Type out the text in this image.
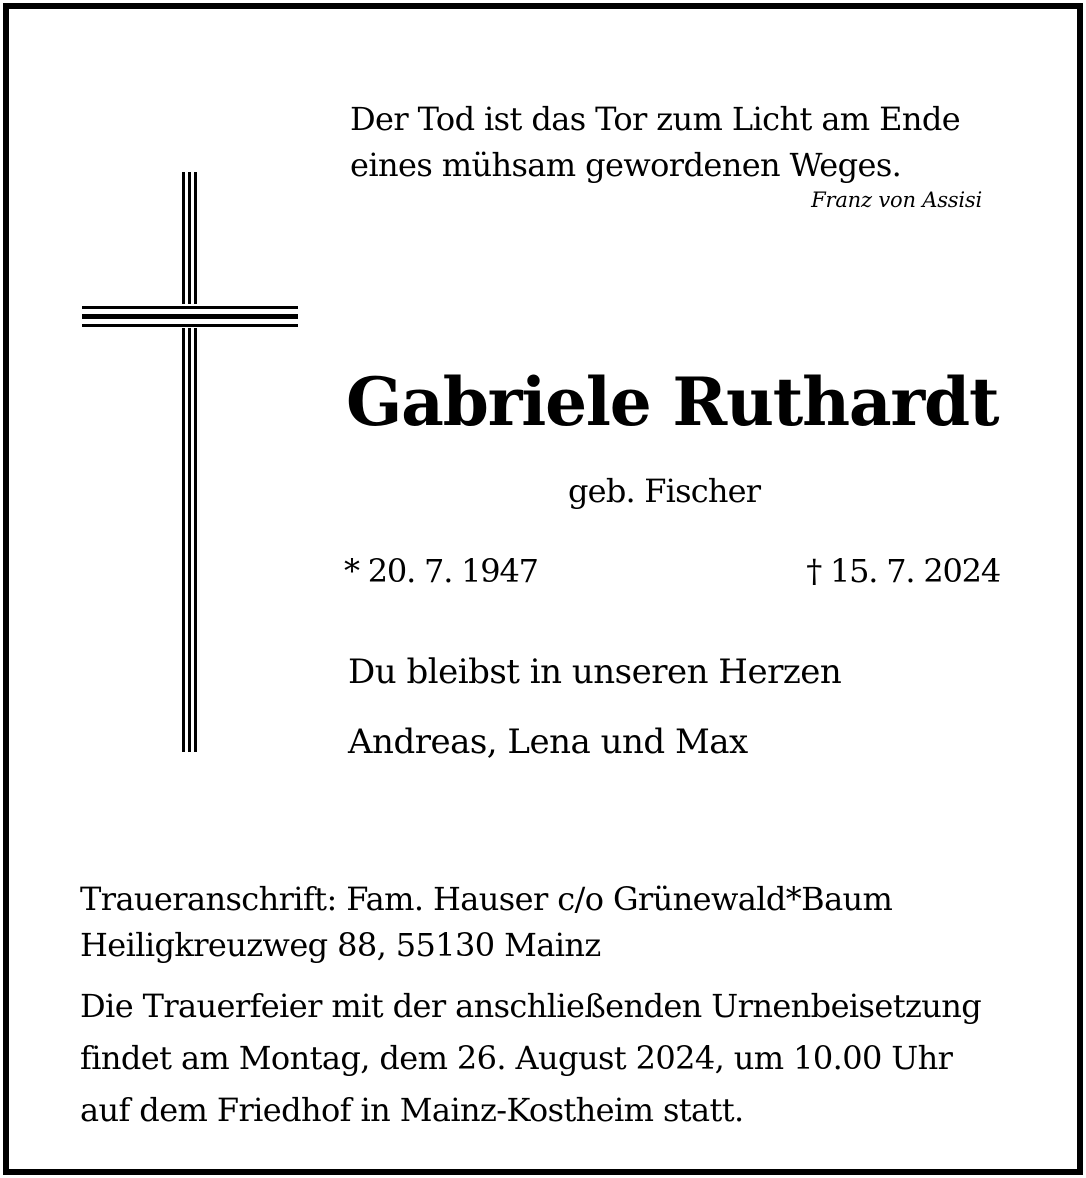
Der Tod ist das Tor zum Licht am Ende
eines mühsam gewordenen Weges.
Franz von Assisi
Gabriele Ruthardt
geb. Fischer
* 20. 7. 1947	† 15. 7. 2024
Du bleibst in unseren Herzen
Andreas, Lena und Max
Traueranschrift: Fam. Hauser c/o Grünewald*Baum
Heiligkreuzweg 88, 55130 Mainz
Die Trauerfeier mit der anschließenden Urnenbeisetzung
findet am Montag, dem 26. August 2024, um 10.00 Uhr
auf dem Friedhof in Mainz-Kostheim statt.
